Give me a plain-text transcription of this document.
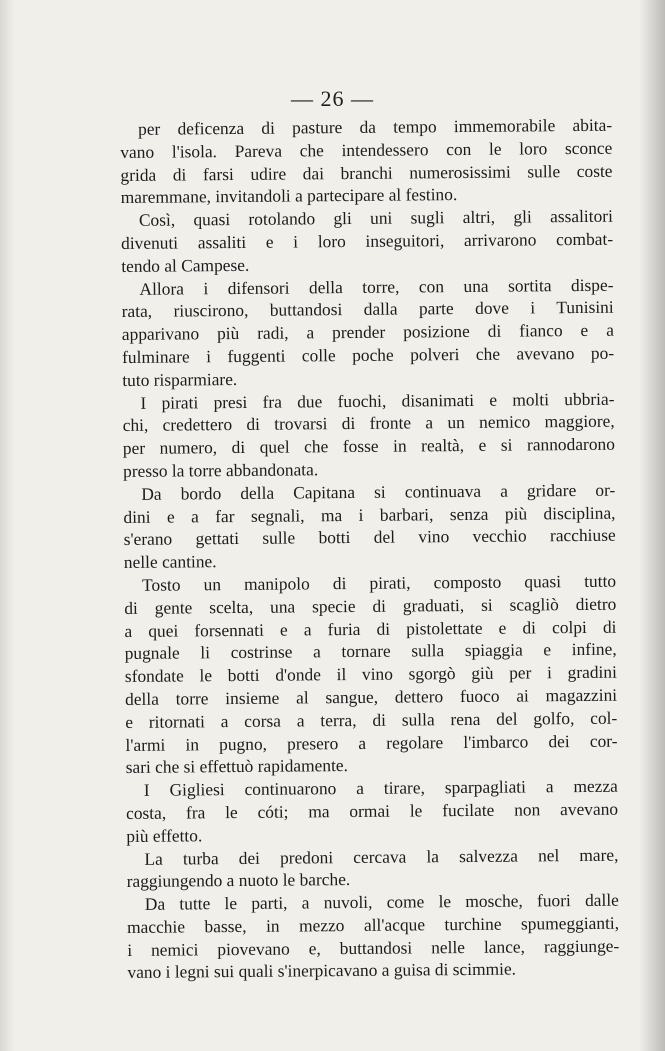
— 26 —
per deficenza di pasture da tempo immemorabile abita-
vano l'isola. Pareva che intendessero con le loro sconce
grida di farsi udire dai branchi numerosissimi sulle coste
maremmane, invitandoli a partecipare al festino.
Così, quasi rotolando gli uni sugli altri, gli assalitori
divenuti assaliti e i loro inseguitori, arrivarono combat-
tendo al Campese.
Allora i difensori della torre, con una sortita dispe-
rata, riuscirono, buttandosi dalla parte dove i Tunisini
apparivano più radi, a prender posizione di fianco e a
fulminare i fuggenti colle poche polveri che avevano po-
tuto risparmiare.
I pirati presi fra due fuochi, disanimati e molti ubbria-
chi, credettero di trovarsi di fronte a un nemico maggiore,
per numero, di quel che fosse in realtà, e si rannodarono
presso la torre abbandonata.
Da bordo della Capitana si continuava a gridare or-
dini e a far segnali, ma i barbari, senza più disciplina,
s'erano gettati sulle botti del vino vecchio racchiuse
nelle cantine.
Tosto un manipolo di pirati, composto quasi tutto
di gente scelta, una specie di graduati, si scagliò dietro
a quei forsennati e a furia di pistolettate e di colpi di
pugnale li costrinse a tornare sulla spiaggia e infine,
sfondate le botti d'onde il vino sgorgò giù per i gradini
della torre insieme al sangue, dettero fuoco ai magazzini
e ritornati a corsa a terra, di sulla rena del golfo, col-
l'armi in pugno, presero a regolare l'imbarco dei cor-
sari che si effettuò rapidamente.
I Gigliesi continuarono a tirare, sparpagliati a mezza
costa, fra le cóti; ma ormai le fucilate non avevano
più effetto.
La turba dei predoni cercava la salvezza nel mare,
raggiungendo a nuoto le barche.
Da tutte le parti, a nuvoli, come le mosche, fuori dalle
macchie basse, in mezzo all'acque turchine spumeggianti,
i nemici piovevano e, buttandosi nelle lance, raggiunge-
vano i legni sui quali s'inerpicavano a guisa di scimmie.
